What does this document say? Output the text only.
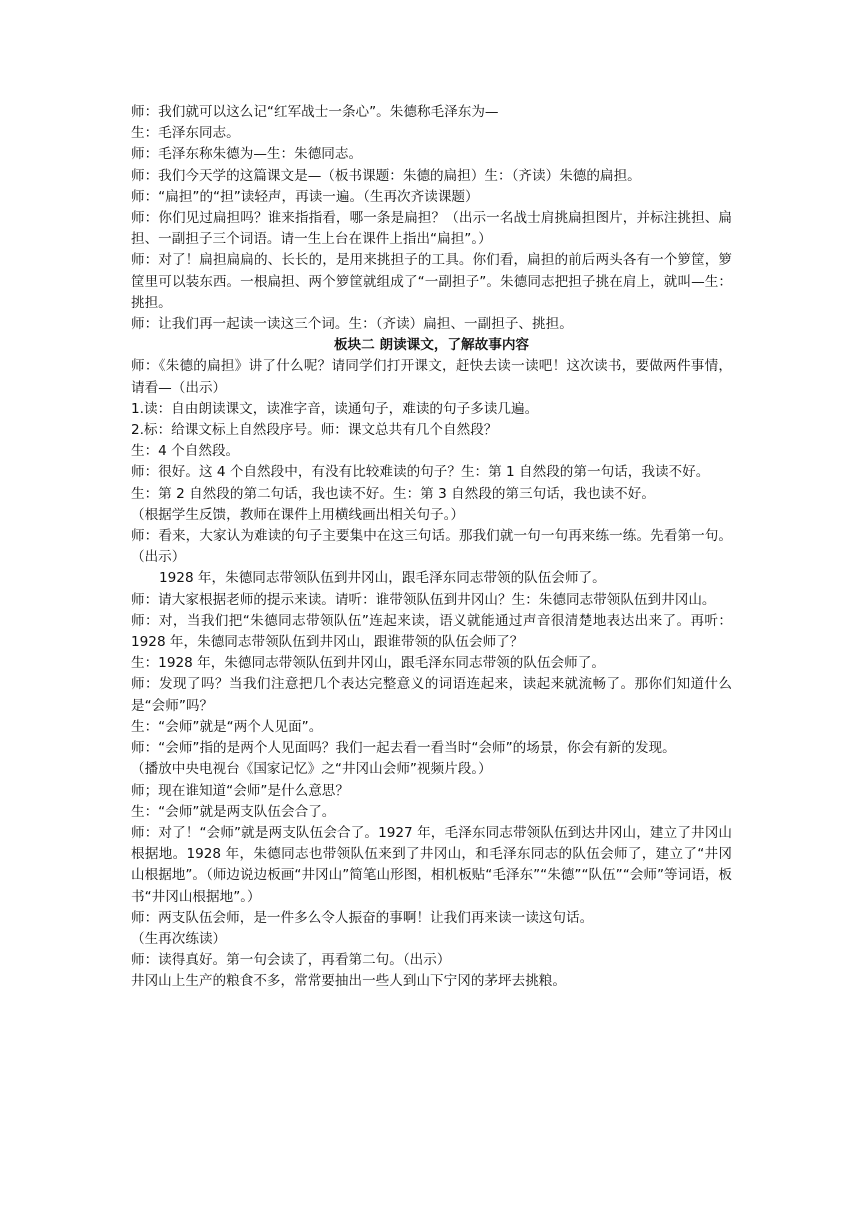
师：我们就可以这么记“红军战士一条心”。朱德称毛泽东为—

生：毛泽东同志。

师：毛泽东称朱德为—生：朱德同志。

师：我们今天学的这篇课文是—（板书课题：朱德的扁担）生：（齐读）朱德的扁担。

师：“扁担”的“担”读轻声，再读一遍。（生再次齐读课题）

师：你们见过扁担吗？谁来指指看，哪一条是扁担？（出示一名战士肩挑扁担图片，并标注挑担、扁担、一副担子三个词语。请一生上台在课件上指出“扁担”。）

师：对了！扁担扁扁的、长长的，是用来挑担子的工具。你们看，扁担的前后两头各有一个箩筐，箩筐里可以装东西。一根扁担、两个箩筐就组成了“一副担子”。朱德同志把担子挑在肩上，就叫—生：挑担。

师：让我们再一起读一读这三个词。生：（齐读）扁担、一副担子、挑担。

板块二 朗读课文，了解故事内容

师：《朱德的扁担》讲了什么呢？请同学们打开课文，赶快去读一读吧！这次读书，要做两件事情，请看—（出示）

1.读：自由朗读课文，读准字音，读通句子，难读的句子多读几遍。

2.标：给课文标上自然段序号。师：课文总共有几个自然段？

生：4 个自然段。

师：很好。这 4 个自然段中，有没有比较难读的句子？生：第 1 自然段的第一句话，我读不好。

生：第 2 自然段的第二句话，我也读不好。生：第 3 自然段的第三句话，我也读不好。

（根据学生反馈，教师在课件上用横线画出相关句子。）

师：看来，大家认为难读的句子主要集中在这三句话。那我们就一句一句再来练一练。先看第一句。（出示）

1928 年，朱德同志带领队伍到井冈山，跟毛泽东同志带领的队伍会师了。

师：请大家根据老师的提示来读。请听：谁带领队伍到井冈山？生：朱德同志带领队伍到井冈山。

师：对，当我们把“朱德同志带领队伍”连起来读，语义就能通过声音很清楚地表达出来了。再听：1928 年，朱德同志带领队伍到井冈山，跟谁带领的队伍会师了？

生：1928 年，朱德同志带领队伍到井冈山，跟毛泽东同志带领的队伍会师了。

师：发现了吗？当我们注意把几个表达完整意义的词语连起来，读起来就流畅了。那你们知道什么是“会师”吗？

生：“会师”就是“两个人见面”。

师：“会师”指的是两个人见面吗？我们一起去看一看当时“会师”的场景，你会有新的发现。

（播放中央电视台《国家记忆》之“井冈山会师”视频片段。）

师；现在谁知道“会师”是什么意思？

生：“会师”就是两支队伍会合了。

师：对了！“会师”就是两支队伍会合了。1927 年，毛泽东同志带领队伍到达井冈山，建立了井冈山根据地。1928 年，朱德同志也带领队伍来到了井冈山，和毛泽东同志的队伍会师了，建立了“井冈山根据地”。（师边说边板画“井冈山”简笔山形图，相机板贴“毛泽东”“朱德”“队伍”“会师”等词语，板书“井冈山根据地”。）

师：两支队伍会师，是一件多么令人振奋的事啊！让我们再来读一读这句话。

（生再次练读）

师：读得真好。第一句会读了，再看第二句。（出示）

井冈山上生产的粮食不多，常常要抽出一些人到山下宁冈的茅坪去挑粮。
